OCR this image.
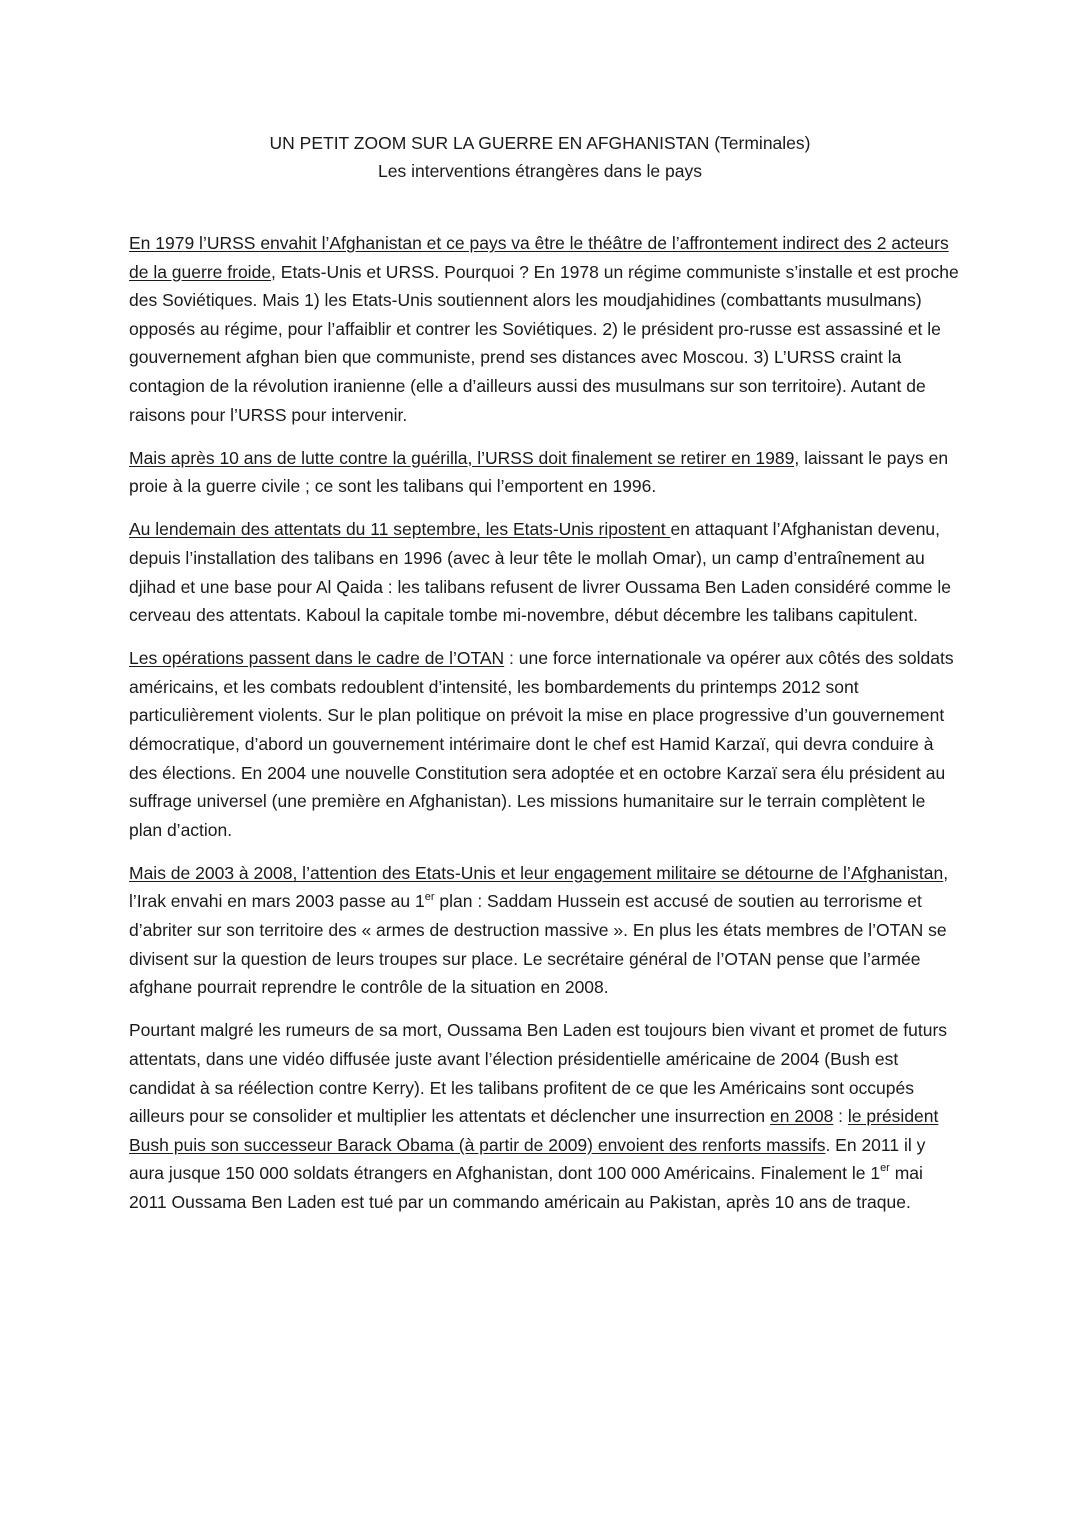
UN PETIT ZOOM SUR LA GUERRE EN AFGHANISTAN (Terminales)
Les interventions étrangères dans le pays

En 1979 l’URSS envahit l’Afghanistan et ce pays va être le théâtre de l’affrontement indirect des 2 acteurs de la guerre froide, Etats-Unis et URSS. Pourquoi ? En 1978 un régime communiste s’installe et est proche des Soviétiques. Mais 1) les Etats-Unis soutiennent alors les moudjahidines (combattants musulmans) opposés au régime, pour l’affaiblir et contrer les Soviétiques. 2) le président pro-russe est assassiné et le gouvernement afghan bien que communiste, prend ses distances avec Moscou. 3) L’URSS craint la contagion de la révolution iranienne (elle a d’ailleurs aussi des musulmans sur son territoire). Autant de raisons pour l’URSS pour intervenir.

Mais après 10 ans de lutte contre la guérilla, l’URSS doit finalement se retirer en 1989, laissant le pays en proie à la guerre civile ; ce sont les talibans qui l’emportent en 1996.

Au lendemain des attentats du 11 septembre, les Etats-Unis ripostent en attaquant l’Afghanistan devenu, depuis l’installation des talibans en 1996 (avec à leur tête le mollah Omar), un camp d’entraînement au djihad et une base pour Al Qaida : les talibans refusent de livrer Oussama Ben Laden considéré comme le cerveau des attentats. Kaboul la capitale tombe mi-novembre, début décembre les talibans capitulent.

Les opérations passent dans le cadre de l’OTAN : une force internationale va opérer aux côtés des soldats américains, et les combats redoublent d’intensité, les bombardements du printemps 2012 sont particulièrement violents. Sur le plan politique on prévoit la mise en place progressive d’un gouvernement démocratique, d’abord un gouvernement intérimaire dont le chef est Hamid Karzaï, qui devra conduire à des élections. En 2004 une nouvelle Constitution sera adoptée et en octobre Karzaï sera élu président au suffrage universel (une première en Afghanistan). Les missions humanitaire sur le terrain complètent le plan d’action.

Mais de 2003 à 2008, l’attention des Etats-Unis et leur engagement militaire se détourne de l’Afghanistan, l’Irak envahi en mars 2003 passe au 1er plan : Saddam Hussein est accusé de soutien au terrorisme et d’abriter sur son territoire des « armes de destruction massive ». En plus les états membres de l’OTAN se divisent sur la question de leurs troupes sur place. Le secrétaire général de l’OTAN pense que l’armée afghane pourrait reprendre le contrôle de la situation en 2008.

Pourtant malgré les rumeurs de sa mort, Oussama Ben Laden est toujours bien vivant et promet de futurs attentats, dans une vidéo diffusée juste avant l’élection présidentielle américaine de 2004 (Bush est candidat à sa réélection contre Kerry). Et les talibans profitent de ce que les Américains sont occupés ailleurs pour se consolider et multiplier les attentats et déclencher une insurrection en 2008 : le président Bush puis son successeur Barack Obama (à partir de 2009) envoient des renforts massifs. En 2011 il y aura jusque 150 000 soldats étrangers en Afghanistan, dont 100 000 Américains. Finalement le 1er mai 2011 Oussama Ben Laden est tué par un commando américain au Pakistan, après 10 ans de traque.
